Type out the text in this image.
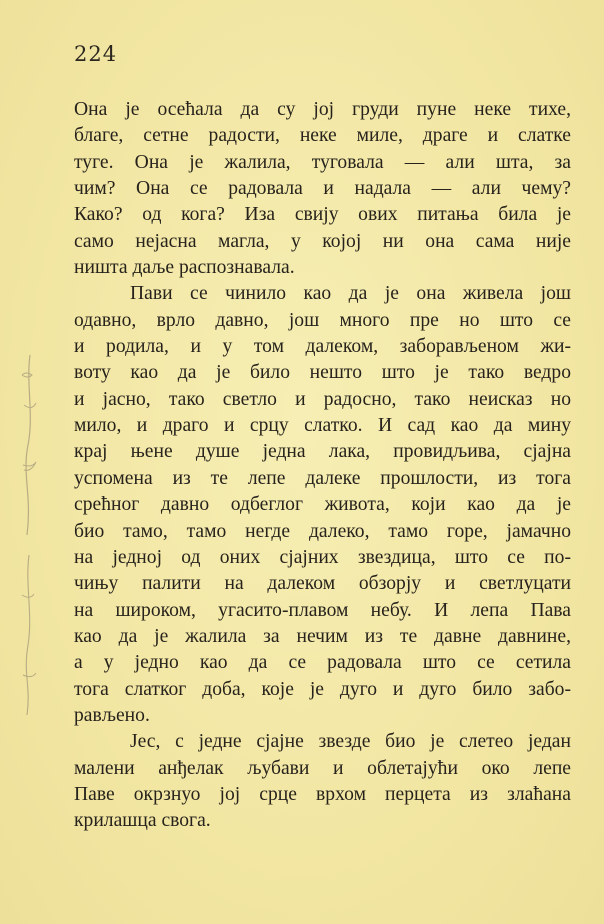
224
Она је осећала да су јој груди пуне неке тихе,
благе, сетне радости, неке миле, драге и слатке
туге. Она је жалила, туговала — али шта, за
чим? Она се радовала и надала — али чему?
Како? од кога? Иза свију ових питања била је
само нејасна магла, у којој ни она сама није
ништа даље распознавала.
Пави се чинило као да је она живела још
одавно, врло давно, још много пре но што се
и родила, и у том далеком, заборављеном жи-
воту као да је било нешто што је тако ведро
и јасно, тако светло и радосно, тако неисказ но
мило, и драго и срцу слатко. И сад као да мину
крај њене душе једна лака, провидљива, сјајна
успомена из те лепе далеке прошлости, из тога
срећног давно одбеглог живота, који као да је
био тамо, тамо негде далеко, тамо горе, јамачно
на једној од оних сјајних звездица, што се по-
чињу палити на далеком обзорју и светлуцати
на широком, угасито-плавом небу. И лепа Пава
као да је жалила за нечим из те давне давнине,
а у једно као да се радовала што се сетила
тога слатког доба, које је дуго и дуго било забо-
рављено.
Јес, с једне сјајне звезде био је слетео један
малени анђелак љубави и облетајући око лепе
Паве окрзнуо јој срце врхом перцета из злаћана
крилашца свога.
